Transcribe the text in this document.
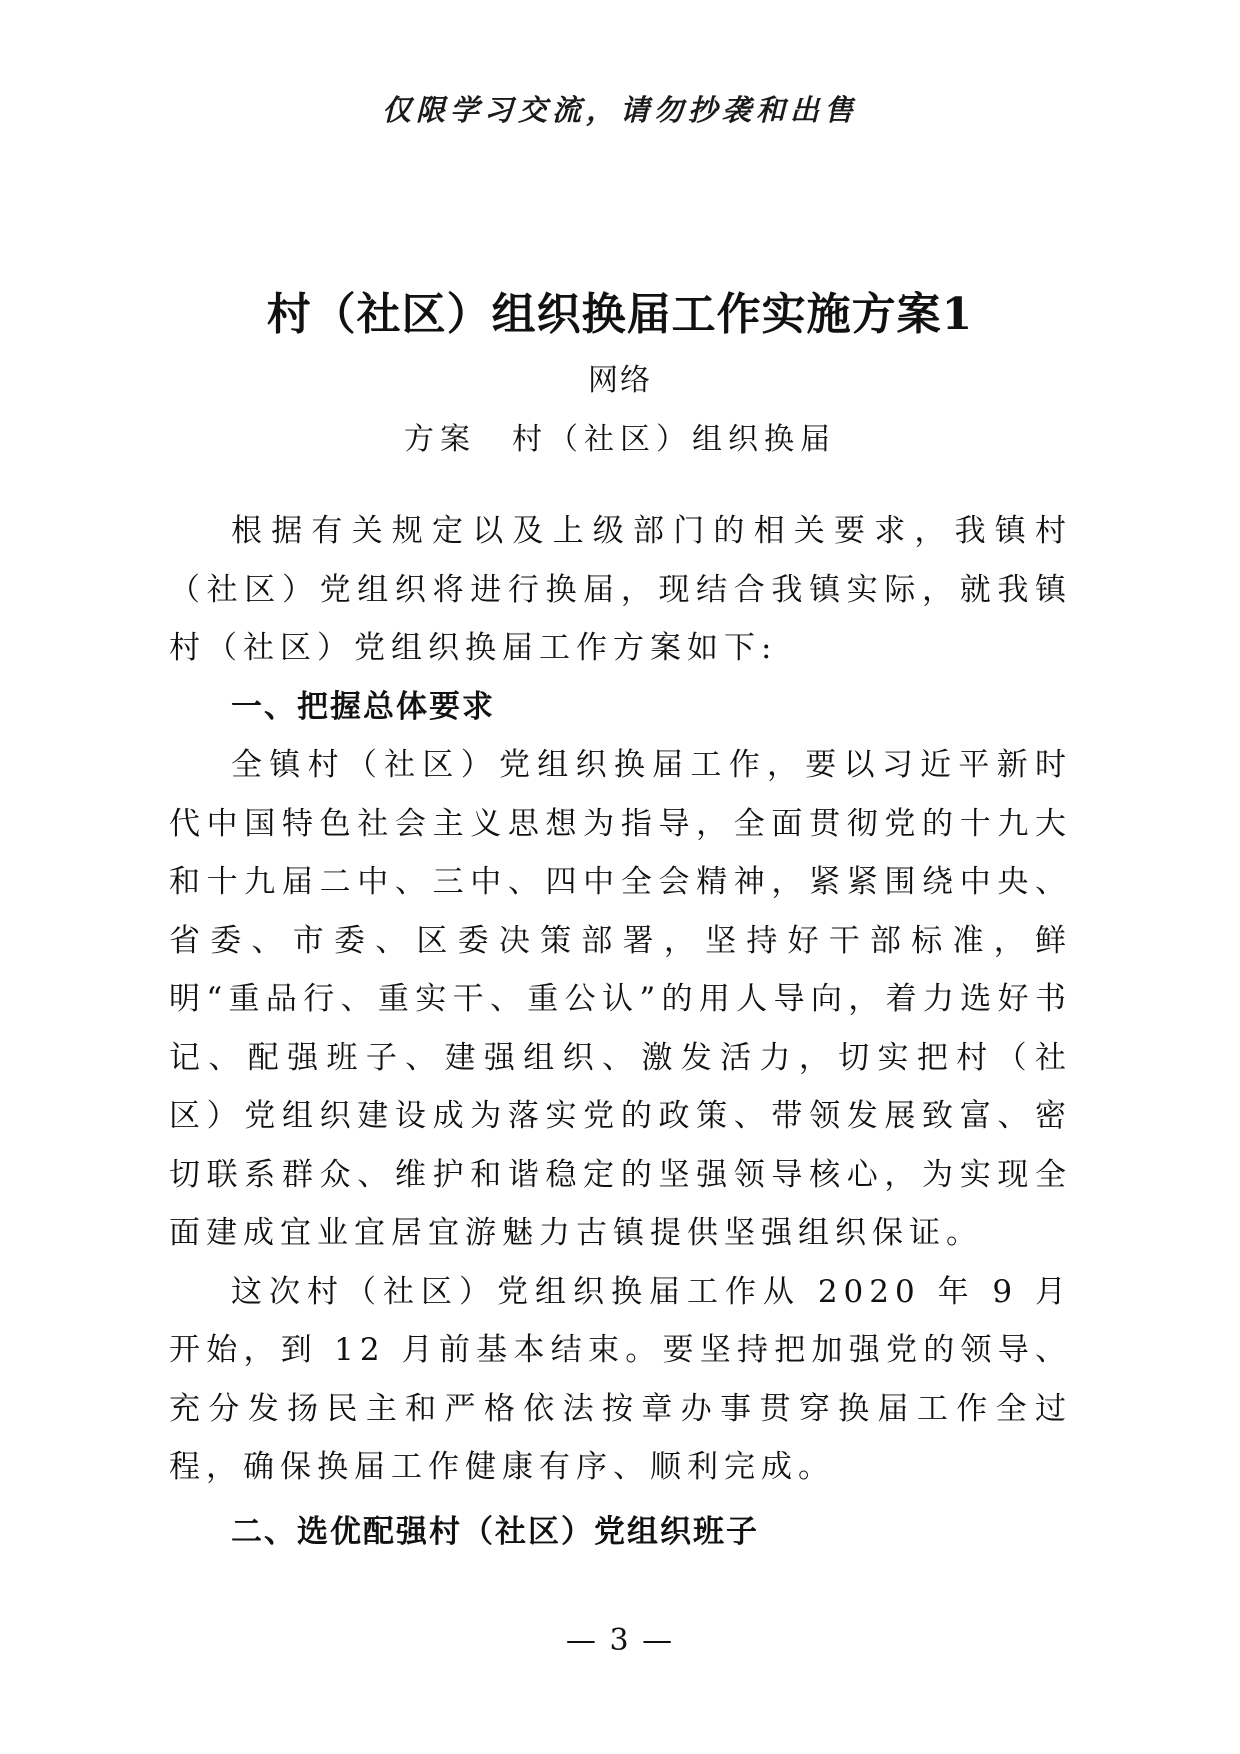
仅限学习交流，请勿抄袭和出售
村（社区）组织换届工作实施方案1
网络
方案　村（社区）组织换届

根据有关规定以及上级部门的相关要求，我镇村（社区）党组织将进行换届，现结合我镇实际，就我镇村（社区）党组织换届工作方案如下:

一、把握总体要求

全镇村（社区）党组织换届工作，要以习近平新时代中国特色社会主义思想为指导，全面贯彻党的十九大和十九届二中、三中、四中全会精神，紧紧围绕中央、省委、市委、区委决策部署，坚持好干部标准，鲜明“重品行、重实干、重公认”的用人导向，着力选好书记、配强班子、建强组织、激发活力，切实把村（社区）党组织建设成为落实党的政策、带领发展致富、密切联系群众、维护和谐稳定的坚强领导核心，为实现全面建成宜业宜居宜游魅力古镇提供坚强组织保证。

这次村（社区）党组织换届工作从 2020 年 9 月开始，到 12 月前基本结束。要坚持把加强党的领导、充分发扬民主和严格依法按章办事贯穿换届工作全过程，确保换届工作健康有序、顺利完成。

二、选优配强村（社区）党组织班子
— 3 —
